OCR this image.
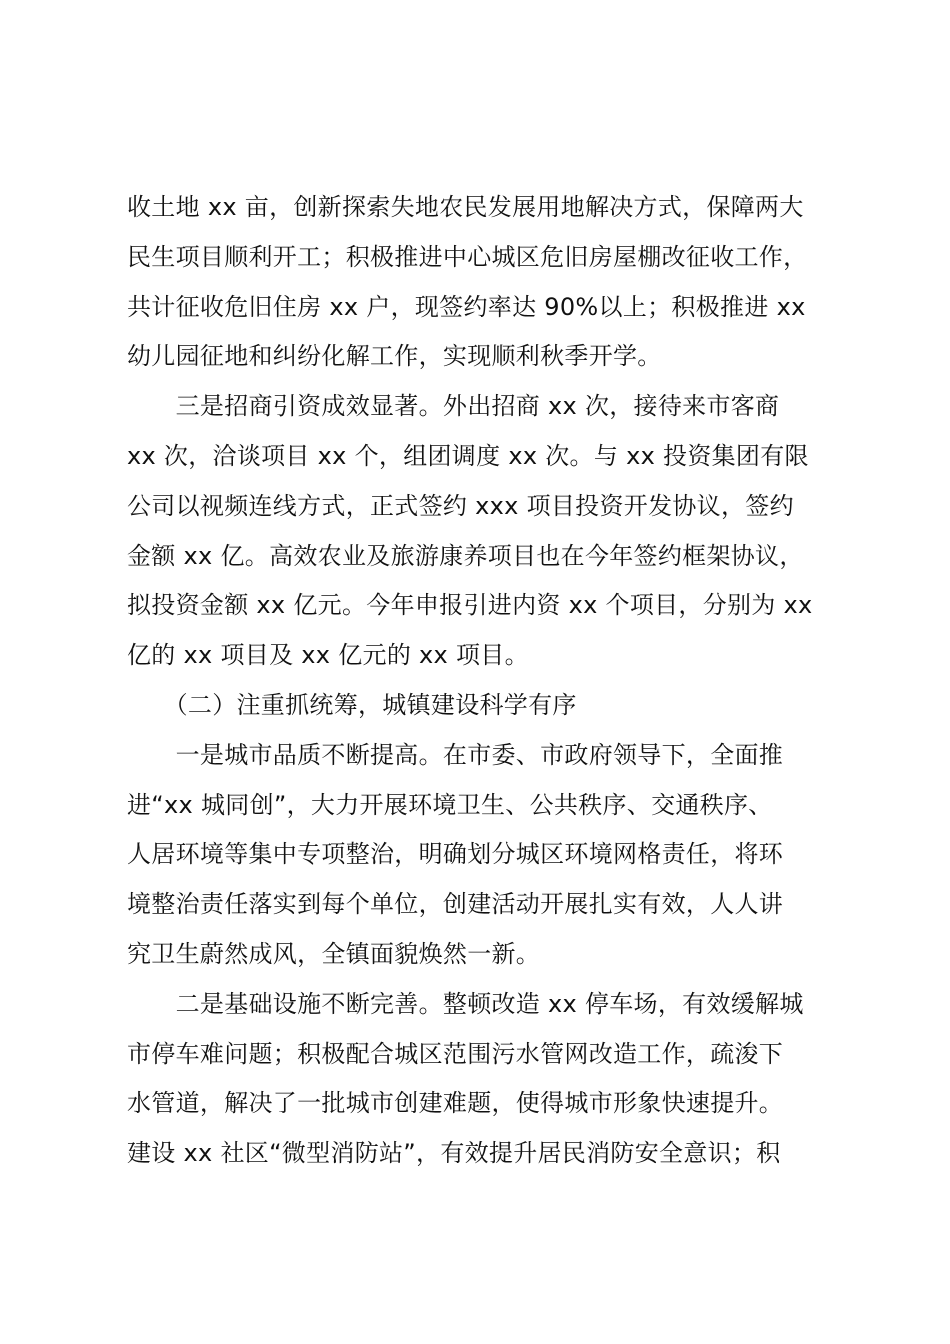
收土地 xx 亩，创新探索失地农民发展用地解决方式，保障两大
民生项目顺利开工；积极推进中心城区危旧房屋棚改征收工作，
共计征收危旧住房 xx 户，现签约率达 90%以上；积极推进 xx
幼儿园征地和纠纷化解工作，实现顺利秋季开学。
　　三是招商引资成效显著。外出招商 xx 次，接待来市客商
xx 次，洽谈项目 xx 个，组团调度 xx 次。与 xx 投资集团有限
公司以视频连线方式，正式签约 xxx 项目投资开发协议，签约
金额 xx 亿。高效农业及旅游康养项目也在今年签约框架协议，
拟投资金额 xx 亿元。今年申报引进内资 xx 个项目，分别为 xx
亿的 xx 项目及 xx 亿元的 xx 项目。
　　（二）注重抓统筹，城镇建设科学有序
　　一是城市品质不断提高。在市委、市政府领导下，全面推
进“xx 城同创”，大力开展环境卫生、公共秩序、交通秩序、
人居环境等集中专项整治，明确划分城区环境网格责任，将环
境整治责任落实到每个单位，创建活动开展扎实有效，人人讲
究卫生蔚然成风，全镇面貌焕然一新。
　　二是基础设施不断完善。整顿改造 xx 停车场，有效缓解城
市停车难问题；积极配合城区范围污水管网改造工作，疏浚下
水管道，解决了一批城市创建难题，使得城市形象快速提升。
建设 xx 社区“微型消防站”，有效提升居民消防安全意识；积
